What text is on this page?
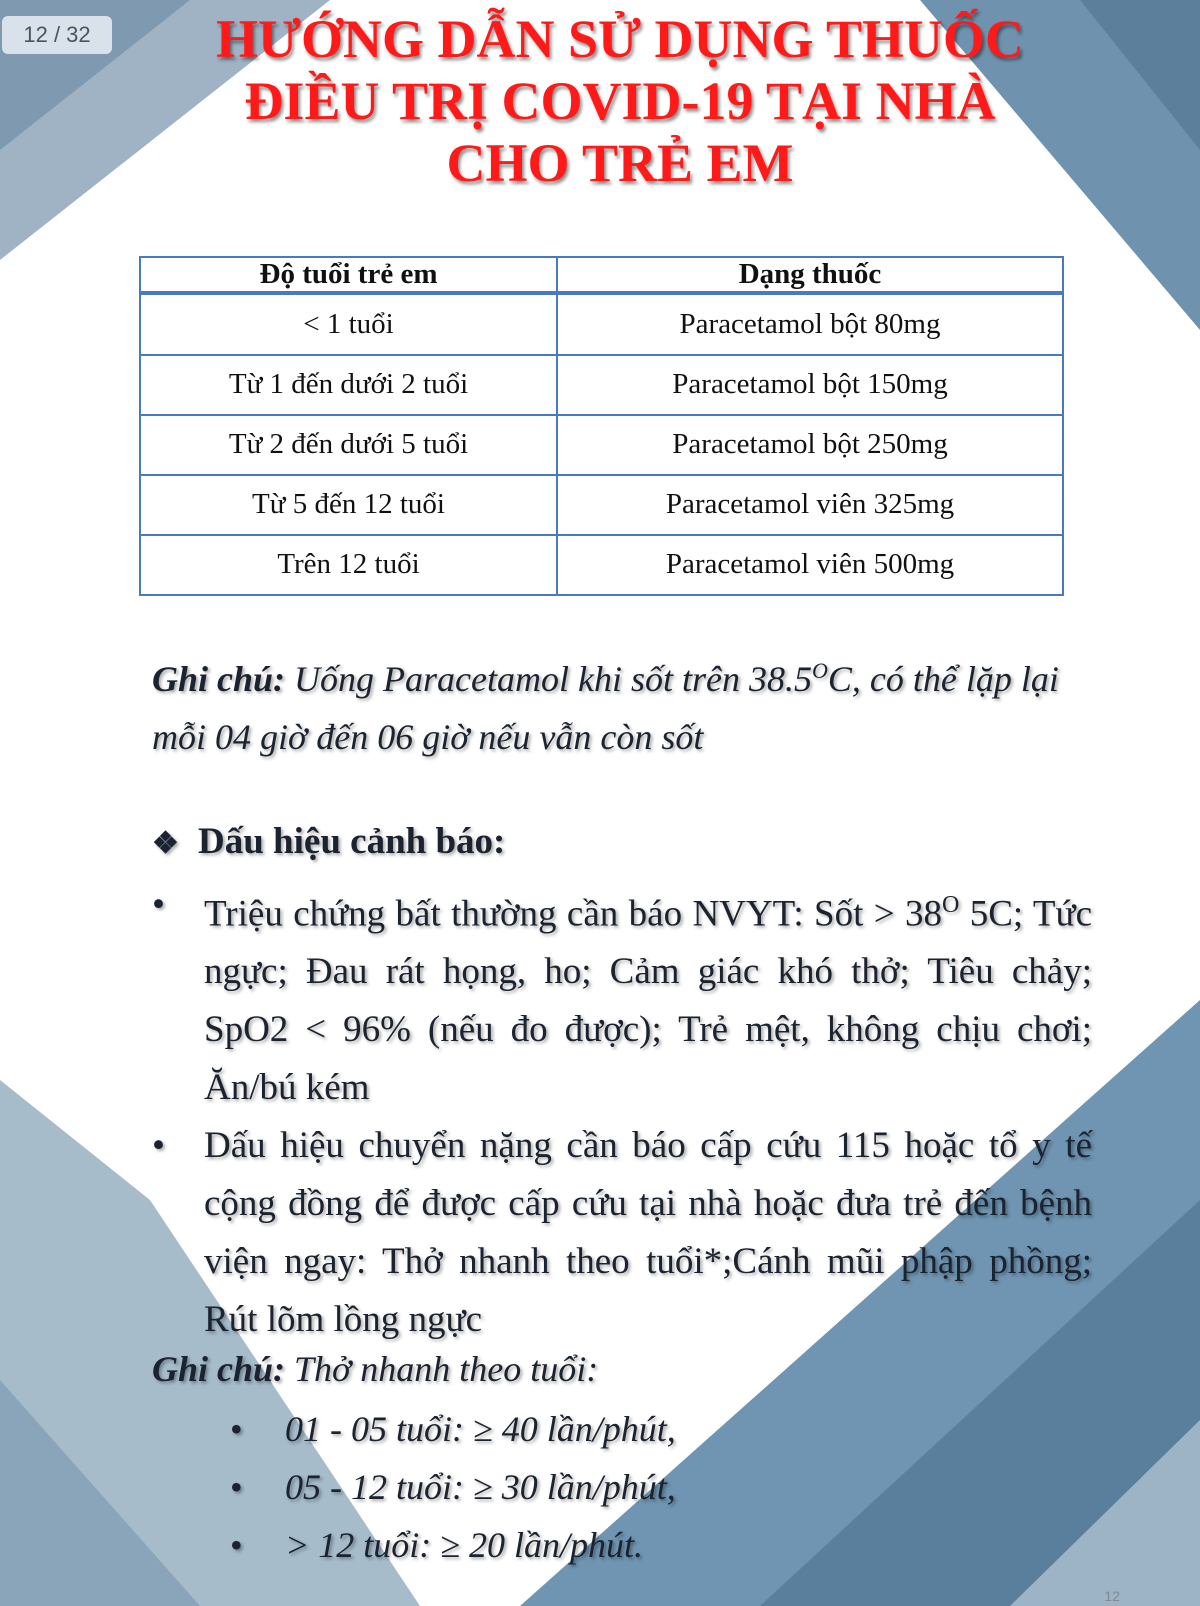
12 / 32	HƯỚNG DẪN SỬ DỤNG THUỐC
ĐIỀU TRỊ COVID-19 TẠI NHÀ
CHO TRẺ EM
Độ tuổi trẻ em	Dạng thuốc
< 1 tuổi	Paracetamol bột 80mg
Từ 1 đến dưới 2 tuổi	Paracetamol bột 150mg
Từ 2 đến dưới 5 tuổi	Paracetamol bột 250mg
Từ 5 đến 12 tuổi	Paracetamol viên 325mg
Trên 12 tuổi	Paracetamol viên 500mg
Ghi chú: Uống Paracetamol khi sốt trên $38.5^OC$, có thể lặp lại mỗi 04 giờ đến 06 giờ nếu vẫn còn sốt
❖ Dấu hiệu cảnh báo:
• Triệu chứng bất thường cần báo NVYT: Sốt > $38^O$ 5C; Tức ngực; Đau rát họng, ho; Cảm giác khó thở; Tiêu chảy; SpO2 < 96% (nếu đo được); Trẻ mệt, không chịu chơi; Ăn/bú kém
• Dấu hiệu chuyển nặng cần báo cấp cứu 115 hoặc tổ y tế cộng đồng để được cấp cứu tại nhà hoặc đưa trẻ đến bệnh viện ngay: Thở nhanh theo tuổi*;Cánh mũi phập phồng; Rút lõm lồng ngực
Ghi chú: Thở nhanh theo tuổi:
• 01 - 05 tuổi: ≥ 40 lần/phút,
• 05 - 12 tuổi: ≥ 30 lần/phút,
• > 12 tuổi: ≥ 20 lần/phút.
12
